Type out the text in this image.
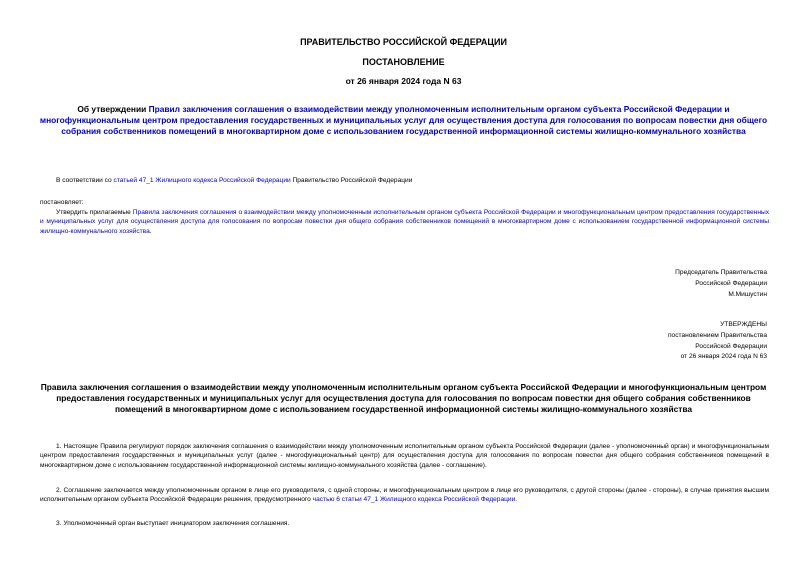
ПРАВИТЕЛЬСТВО РОССИЙСКОЙ ФЕДЕРАЦИИ
ПОСТАНОВЛЕНИЕ
от 26 января 2024 года N 63
Об утверждении Правил заключения соглашения о взаимодействии между уполномоченным исполнительным органом субъекта Российской Федерации и многофункциональным центром предоставления государственных и муниципальных услуг для осуществления доступа для голосования по вопросам повестки дня общего собрания собственников помещений в многоквартирном доме с использованием государственной информационной системы жилищно-коммунального хозяйства
В соответствии со статьей 47_1 Жилищного кодекса Российской Федерации Правительство Российской Федерации
постановляет:
Утвердить прилагаемые Правила заключения соглашения о взаимодействии между уполномоченным исполнительным органом субъекта Российской Федерации и многофункциональным центром предоставления государственных и муниципальных услуг для осуществления доступа для голосования по вопросам повестки дня общего собрания собственников помещений в многоквартирном доме с использованием государственной информационной системы жилищно-коммунального хозяйства.
Председатель Правительства
Российской Федерации
М.Мишустин
УТВЕРЖДЕНЫ
постановлением Правительства
Российской Федерации
от 26 января 2024 года N 63
Правила заключения соглашения о взаимодействии между уполномоченным исполнительным органом субъекта Российской Федерации и многофункциональным центром предоставления государственных и муниципальных услуг для осуществления доступа для голосования по вопросам повестки дня общего собрания собственников помещений в многоквартирном доме с использованием государственной информационной системы жилищно-коммунального хозяйства
1. Настоящие Правила регулируют порядок заключения соглашения о взаимодействии между уполномоченным исполнительным органом субъекта Российской Федерации (далее - уполномоченный орган) и многофункциональным центром предоставления государственных и муниципальных услуг (далее - многофункциональный центр) для осуществления доступа для голосования по вопросам повестки дня общего собрания собственников помещений в многоквартирном доме с использованием государственной информационной системы жилищно-коммунального хозяйства (далее - соглашение).
2. Соглашение заключается между уполномоченным органом в лице его руководителя, с одной стороны, и многофункциональным центром в лице его руководителя, с другой стороны (далее - стороны), в случае принятия высшим исполнительным органом субъекта Российской Федерации решения, предусмотренного частью 6 статьи 47_1 Жилищного кодекса Российской Федерации.
3. Уполномоченный орган выступает инициатором заключения соглашения.
